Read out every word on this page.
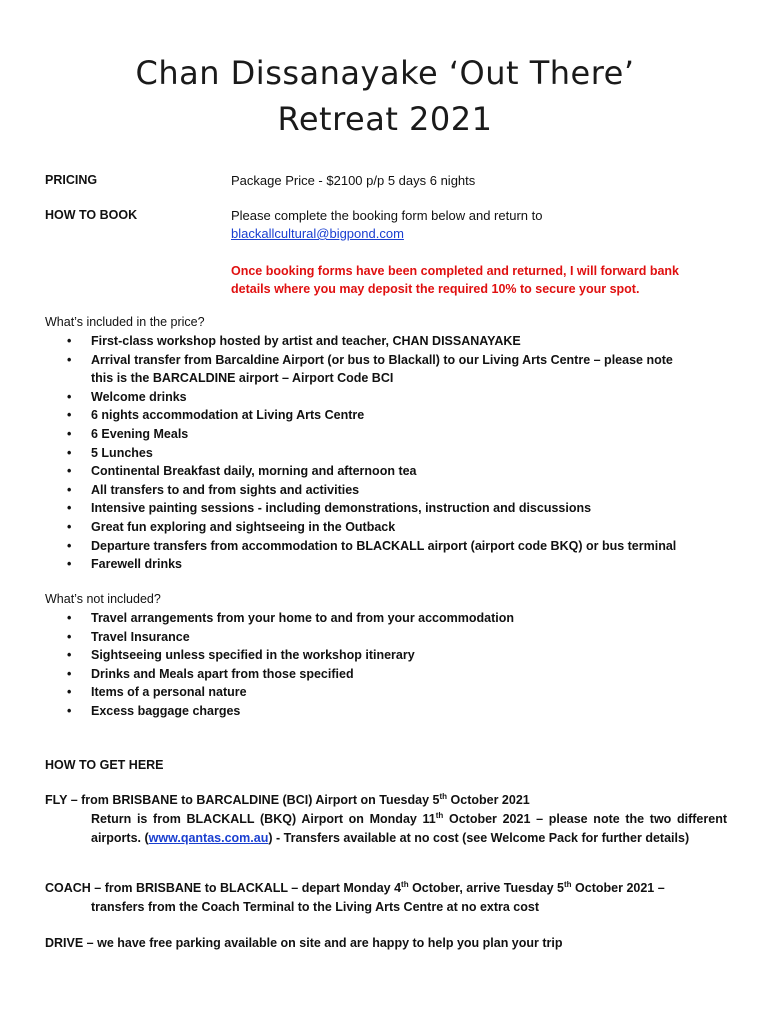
Chan Dissanayake ‘Out There’
Retreat 2021
PRICING	Package Price - $2100 p/p 5 days 6 nights
HOW TO BOOK	Please complete the booking form below and return to
blackallcultural@bigpond.com
Once booking forms have been completed and returned, I will forward bank
details where you may deposit the required 10% to secure your spot.
What’s included in the price?
• First-class workshop hosted by artist and teacher, CHAN DISSANAYAKE
• Arrival transfer from Barcaldine Airport (or bus to Blackall) to our Living Arts Centre – please note
this is the BARCALDINE airport – Airport Code BCI
• Welcome drinks
• 6 nights accommodation at Living Arts Centre
• 6 Evening Meals
• 5 Lunches
• Continental Breakfast daily, morning and afternoon tea
• All transfers to and from sights and activities
• Intensive painting sessions - including demonstrations, instruction and discussions
• Great fun exploring and sightseeing in the Outback
• Departure transfers from accommodation to BLACKALL airport (airport code BKQ) or bus terminal
• Farewell drinks
What’s not included?
• Travel arrangements from your home to and from your accommodation
• Travel Insurance
• Sightseeing unless specified in the workshop itinerary
• Drinks and Meals apart from those specified
• Items of a personal nature
• Excess baggage charges
HOW TO GET HERE
FLY – from BRISBANE to BARCALDINE (BCI) Airport on Tuesday 5th October 2021
Return is from BLACKALL (BKQ) Airport on Monday 11th October 2021 – please note the two different airports. (www.qantas.com.au) - Transfers available at no cost (see Welcome Pack for further details)
COACH – from BRISBANE to BLACKALL – depart Monday 4th October, arrive Tuesday 5th October 2021 –
transfers from the Coach Terminal to the Living Arts Centre at no extra cost
DRIVE – we have free parking available on site and are happy to help you plan your trip
